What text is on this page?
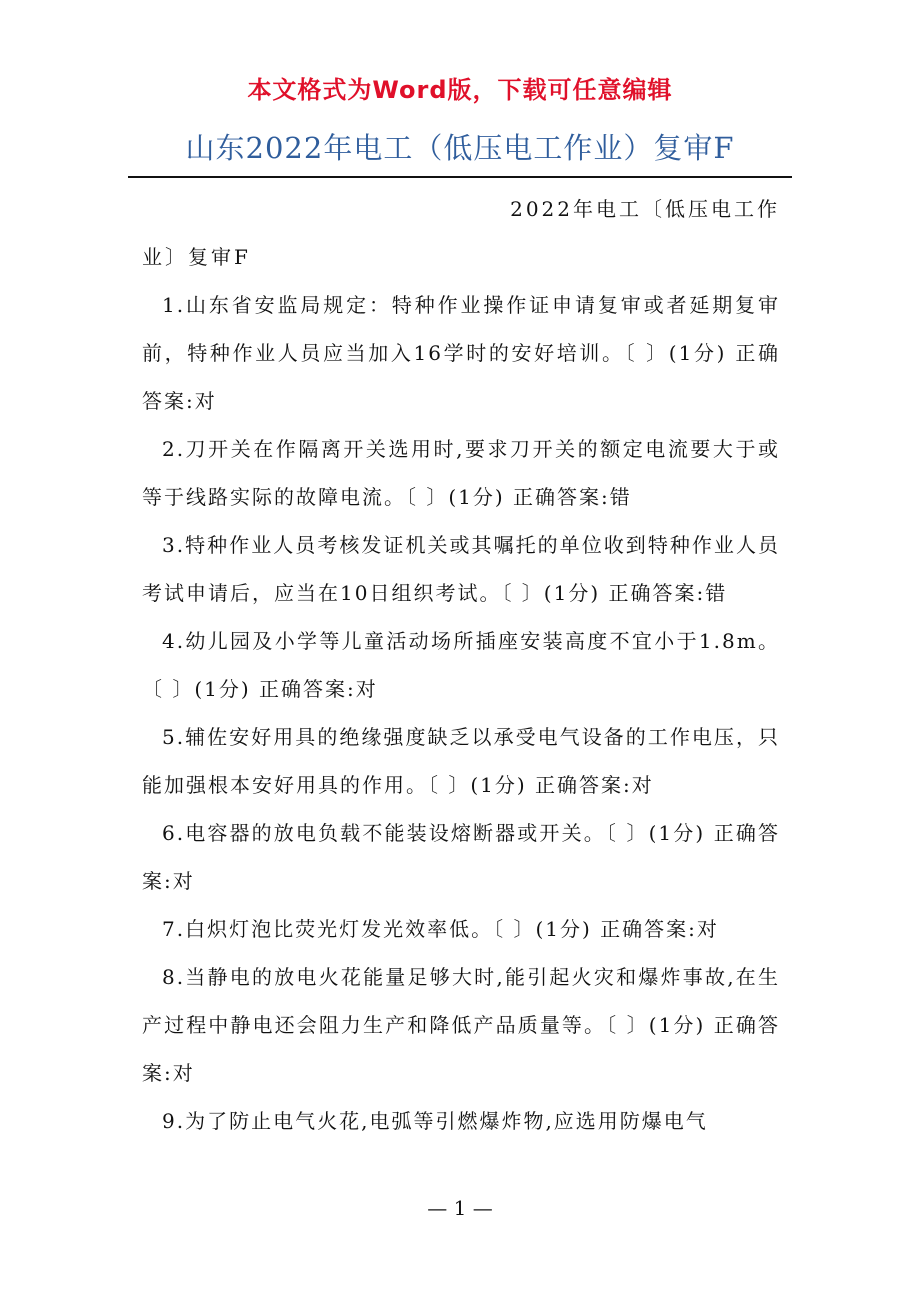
本文格式为Word版，下载可任意编辑
山东2022年电工（低压电工作业）复审F
2022年电工〔低压电工作
业〕复审F
1.山东省安监局规定：特种作业操作证申请复审或者延期复审前，特种作业人员应当加入16学时的安好培训。〔 〕(1分) 正确答案:对
2.刀开关在作隔离开关选用时,要求刀开关的额定电流要大于或等于线路实际的故障电流。〔 〕(1分) 正确答案:错
3.特种作业人员考核发证机关或其嘱托的单位收到特种作业人员考试申请后，应当在10日组织考试。〔 〕(1分) 正确答案:错
4.幼儿园及小学等儿童活动场所插座安装高度不宜小于1.8m。〔 〕(1分) 正确答案:对
5.辅佐安好用具的绝缘强度缺乏以承受电气设备的工作电压，只能加强根本安好用具的作用。〔 〕(1分) 正确答案:对
6.电容器的放电负载不能装设熔断器或开关。〔 〕(1分) 正确答案:对
7.白炽灯泡比荧光灯发光效率低。〔 〕(1分) 正确答案:对
8.当静电的放电火花能量足够大时,能引起火灾和爆炸事故,在生产过程中静电还会阻力生产和降低产品质量等。〔 〕(1分) 正确答案:对
9.为了防止电气火花,电弧等引燃爆炸物,应选用防爆电气
— 1 —
